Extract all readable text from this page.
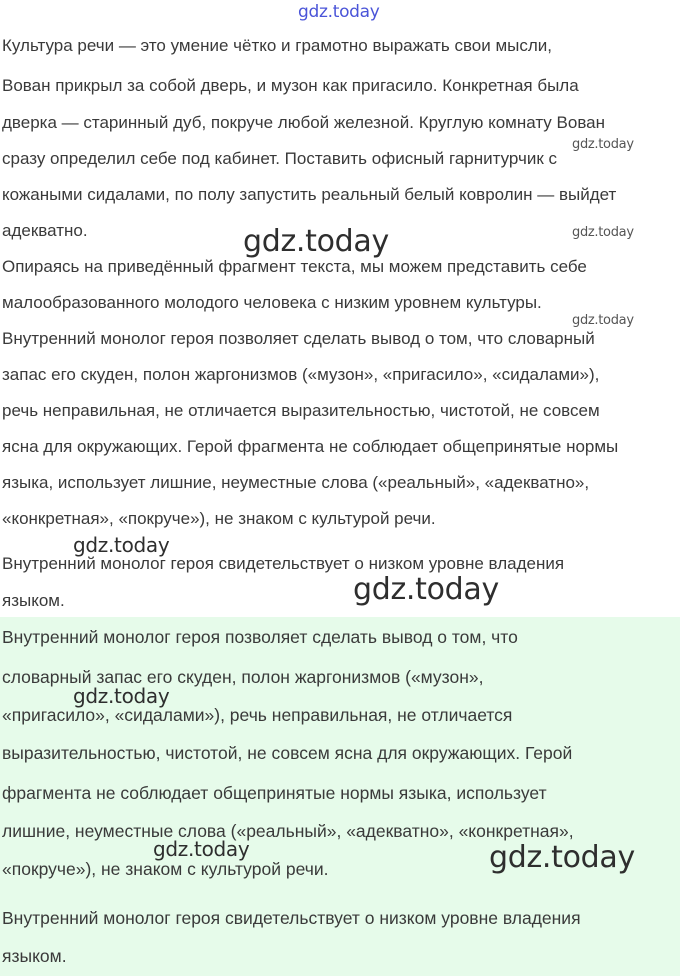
Культура речи — это умение чётко и грамотно выражать свои мысли,
Вован прикрыл за собой дверь, и музон как пригасило. Конкретная была
дверка — старинный дуб, покруче любой железной. Круглую комнату Вован
сразу определил себе под кабинет. Поставить офисный гарнитурчик с
кожаными сидалами, по полу запустить реальный белый ковролин — выйдет
адекватно.
Опираясь на приведённый фрагмент текста, мы можем представить себе
малообразованного молодого человека с низким уровнем культуры.
Внутренний монолог героя позволяет сделать вывод о том, что словарный
запас его скуден, полон жаргонизмов («музон», «пригасило», «сидалами»),
речь неправильная, не отличается выразительностью, чистотой, не совсем
ясна для окружающих. Герой фрагмента не соблюдает общепринятые нормы
языка, использует лишние, неуместные слова («реальный», «адекватно»,
«конкретная», «покруче»), не знаком с культурой речи.
Внутренний монолог героя свидетельствует о низком уровне владения
языком.
Внутренний монолог героя позволяет сделать вывод о том, что
словарный запас его скуден, полон жаргонизмов («музон»,
«пригасило», «сидалами»), речь неправильная, не отличается
выразительностью, чистотой, не совсем ясна для окружающих. Герой
фрагмента не соблюдает общепринятые нормы языка, использует
лишние, неуместные слова («реальный», «адекватно», «конкретная»,
«покруче»), не знаком с культурой речи.
Внутренний монолог героя свидетельствует о низком уровне владения
языком.
gdz.today
gdz.today
gdz.today	gdz.today
gdz.today
gdz.today
gdz.today
gdz.today
gdz.today	gdz.today
